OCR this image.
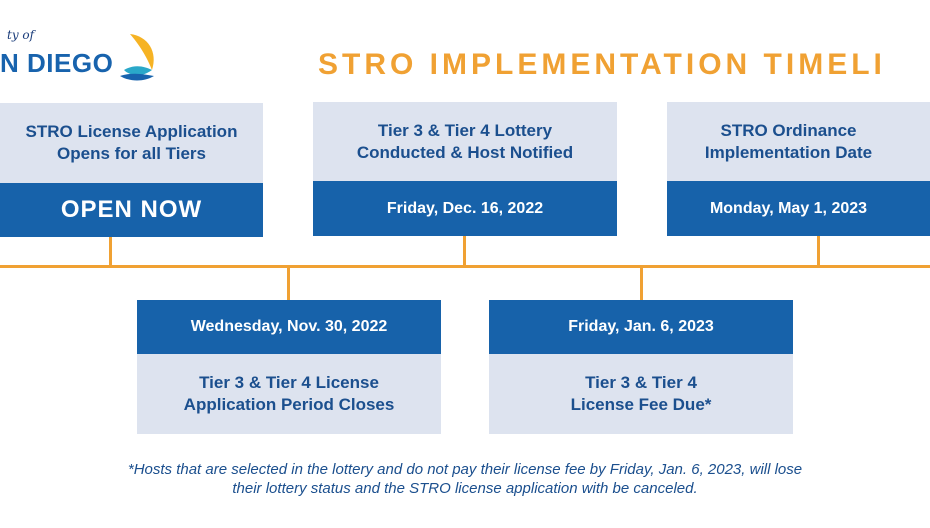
ty of
N DIEGO	STRO IMPLEMENTATION TIMELI
STRO License Application
Opens for all Tiers
OPEN NOW
Tier 3 & Tier 4 Lottery
Conducted & Host Notified
Friday, Dec. 16, 2022
STRO Ordinance
Implementation Date
Monday, May 1, 2023
Wednesday, Nov. 30, 2022
Tier 3 & Tier 4 License
Application Period Closes
Friday, Jan. 6, 2023
Tier 3 & Tier 4
License Fee Due*
*Hosts that are selected in the lottery and do not pay their license fee by Friday, Jan. 6, 2023, will lose
their lottery status and the STRO license application with be canceled.
